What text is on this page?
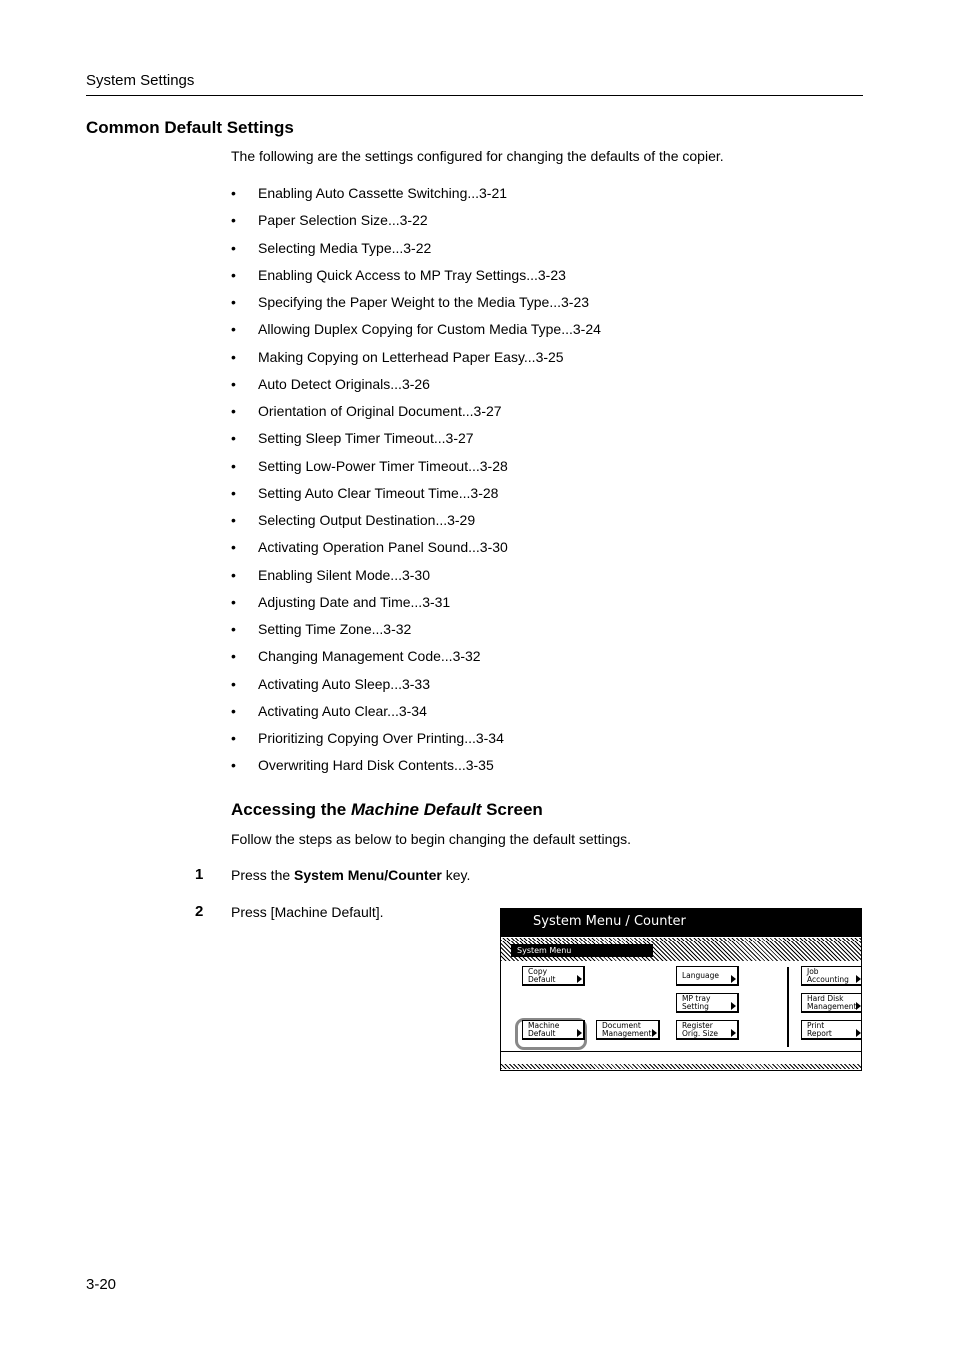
System Settings
Common Default Settings
The following are the settings configured for changing the defaults of the copier.
• Enabling Auto Cassette Switching...3-21
• Paper Selection Size...3-22
• Selecting Media Type...3-22
• Enabling Quick Access to MP Tray Settings...3-23
• Specifying the Paper Weight to the Media Type...3-23
• Allowing Duplex Copying for Custom Media Type...3-24
• Making Copying on Letterhead Paper Easy...3-25
• Auto Detect Originals...3-26
• Orientation of Original Document...3-27
• Setting Sleep Timer Timeout...3-27
• Setting Low-Power Timer Timeout...3-28
• Setting Auto Clear Timeout Time...3-28
• Selecting Output Destination...3-29
• Activating Operation Panel Sound...3-30
• Enabling Silent Mode...3-30
• Adjusting Date and Time...3-31
• Setting Time Zone...3-32
• Changing Management Code...3-32
• Activating Auto Sleep...3-33
• Activating Auto Clear...3-34
• Prioritizing Copying Over Printing...3-34
• Overwriting Hard Disk Contents...3-35
Accessing the Machine Default Screen
Follow the steps as below to begin changing the default settings.
1 Press the System Menu/Counter key.
2 Press [Machine Default].
System Menu / Counter
System Menu
Copy
Default	Language	Job
Accounting
MP tray
Setting
Hard Disk
Management
Machine
Default
Document
Management
Register
Orig. Size
Print
Report
3-20
